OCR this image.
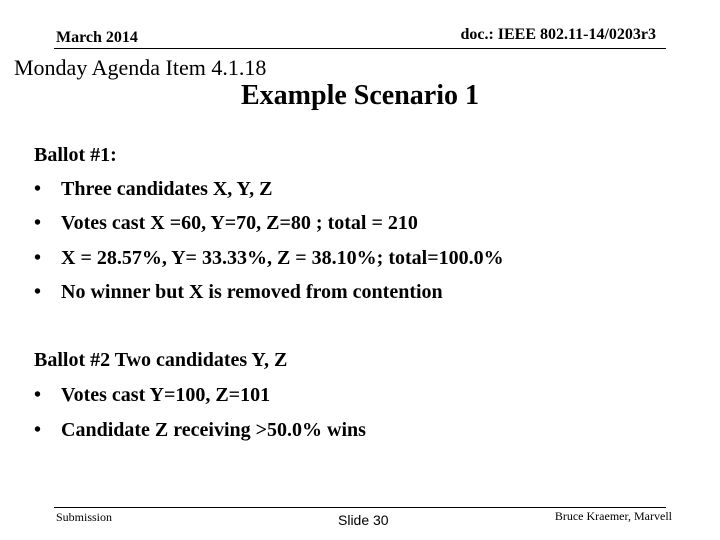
March 2014	doc.: IEEE 802.11-14/0203r3
Monday Agenda Item 4.1.18
Example Scenario 1
Ballot #1:
• Three candidates X, Y, Z
• Votes cast X =60, Y=70, Z=80 ; total = 210
• X = 28.57%, Y= 33.33%, Z = 38.10%; total=100.0%
• No winner but X is removed from contention
Ballot #2 Two candidates Y, Z
• Votes cast Y=100, Z=101
• Candidate Z receiving >50.0% wins
Submission	Slide 30	Bruce Kraemer, Marvell
